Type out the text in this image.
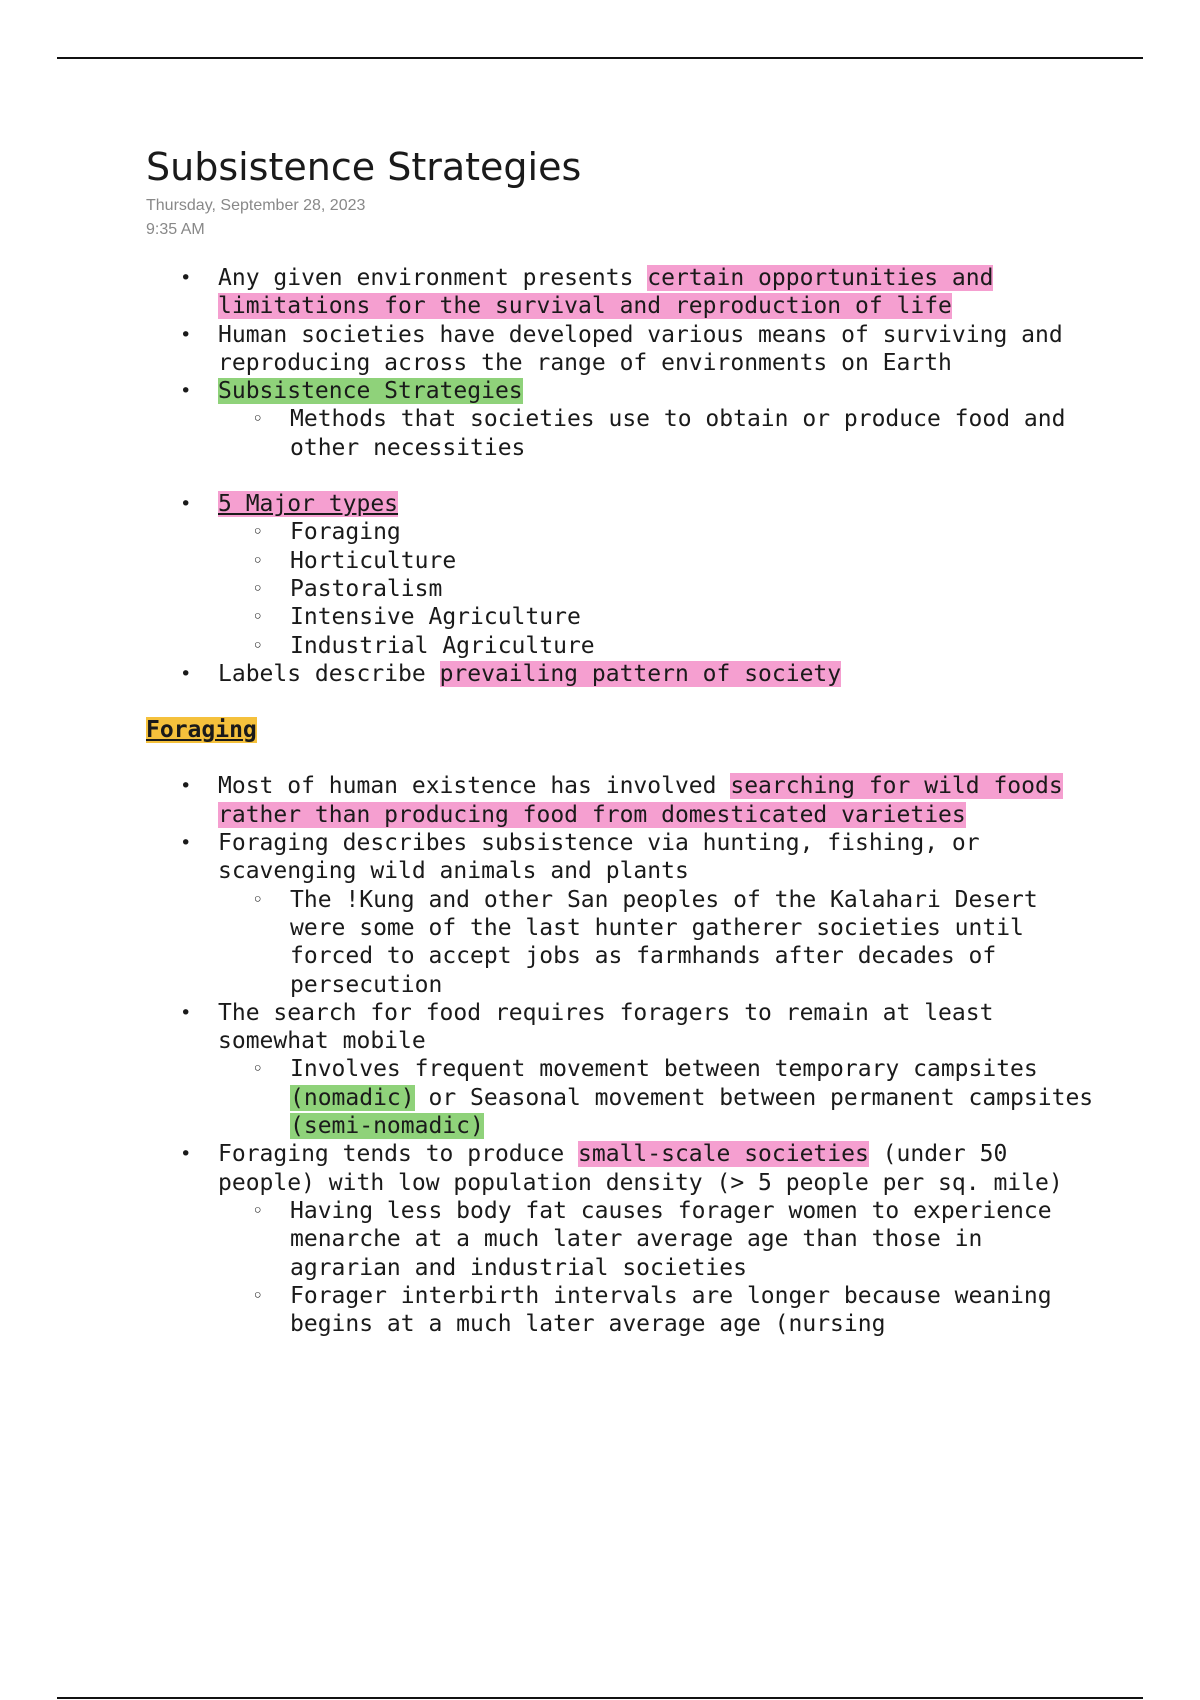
Subsistence Strategies
Thursday, September 28, 2023
9:35 AM
• Any given environment presents certain opportunities and limitations for the survival and reproduction of life
• Human societies have developed various means of surviving and reproducing across the range of environments on Earth
• Subsistence Strategies
◦ Methods that societies use to obtain or produce food and other necessities
• 5 Major types
◦ Foraging
◦ Horticulture
◦ Pastoralism
◦ Intensive Agriculture
◦ Industrial Agriculture
• Labels describe prevailing pattern of society
Foraging
• Most of human existence has involved searching for wild foods rather than producing food from domesticated varieties
• Foraging describes subsistence via hunting, fishing, or scavenging wild animals and plants
◦ The !Kung and other San peoples of the Kalahari Desert were some of the last hunter gatherer societies until forced to accept jobs as farmhands after decades of persecution
• The search for food requires foragers to remain at least somewhat mobile
◦ Involves frequent movement between temporary campsites (nomadic) or Seasonal movement between permanent campsites (semi-nomadic)
• Foraging tends to produce small-scale societies (under 50 people) with low population density (> 5 people per sq. mile)
◦ Having less body fat causes forager women to experience menarche at a much later average age than those in agrarian and industrial societies
◦ Forager interbirth intervals are longer because weaning begins at a much later average age (nursing
